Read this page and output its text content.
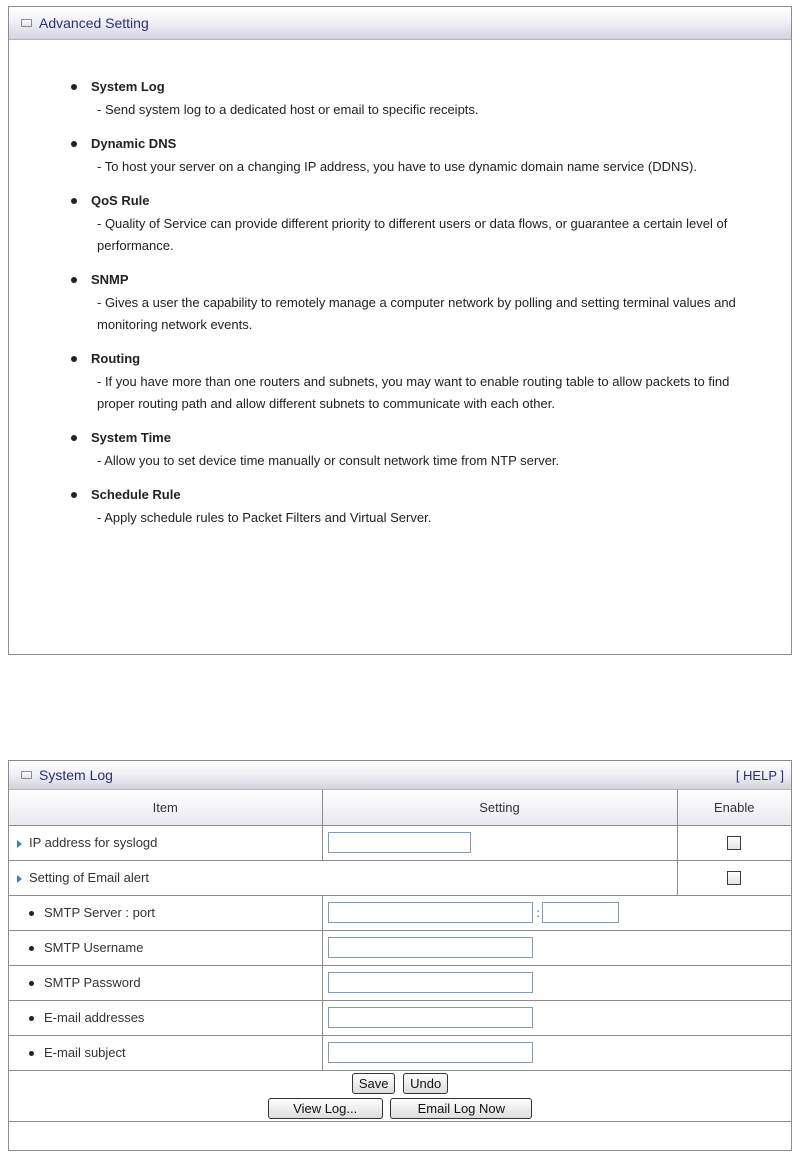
Advanced Setting
System Log
- Send system log to a dedicated host or email to specific receipts.
Dynamic DNS
- To host your server on a changing IP address, you have to use dynamic domain name service (DDNS).
QoS Rule
- Quality of Service can provide different priority to different users or data flows, or guarantee a certain level of performance.
SNMP
- Gives a user the capability to remotely manage a computer network by polling and setting terminal values and monitoring network events.
Routing
- If you have more than one routers and subnets, you may want to enable routing table to allow packets to find proper routing path and allow different subnets to communicate with each other.
System Time
- Allow you to set device time manually or consult network time from NTP server.
Schedule Rule
- Apply schedule rules to Packet Filters and Virtual Server.
System Log	[ HELP ]
Item	Setting	Enable
IP address for syslogd		
Setting of Email alert		
SMTP Server : port	:	
SMTP Username	
SMTP Password	
E-mail addresses	
E-mail subject	

Save Undo
View Log... Email Log Now		
